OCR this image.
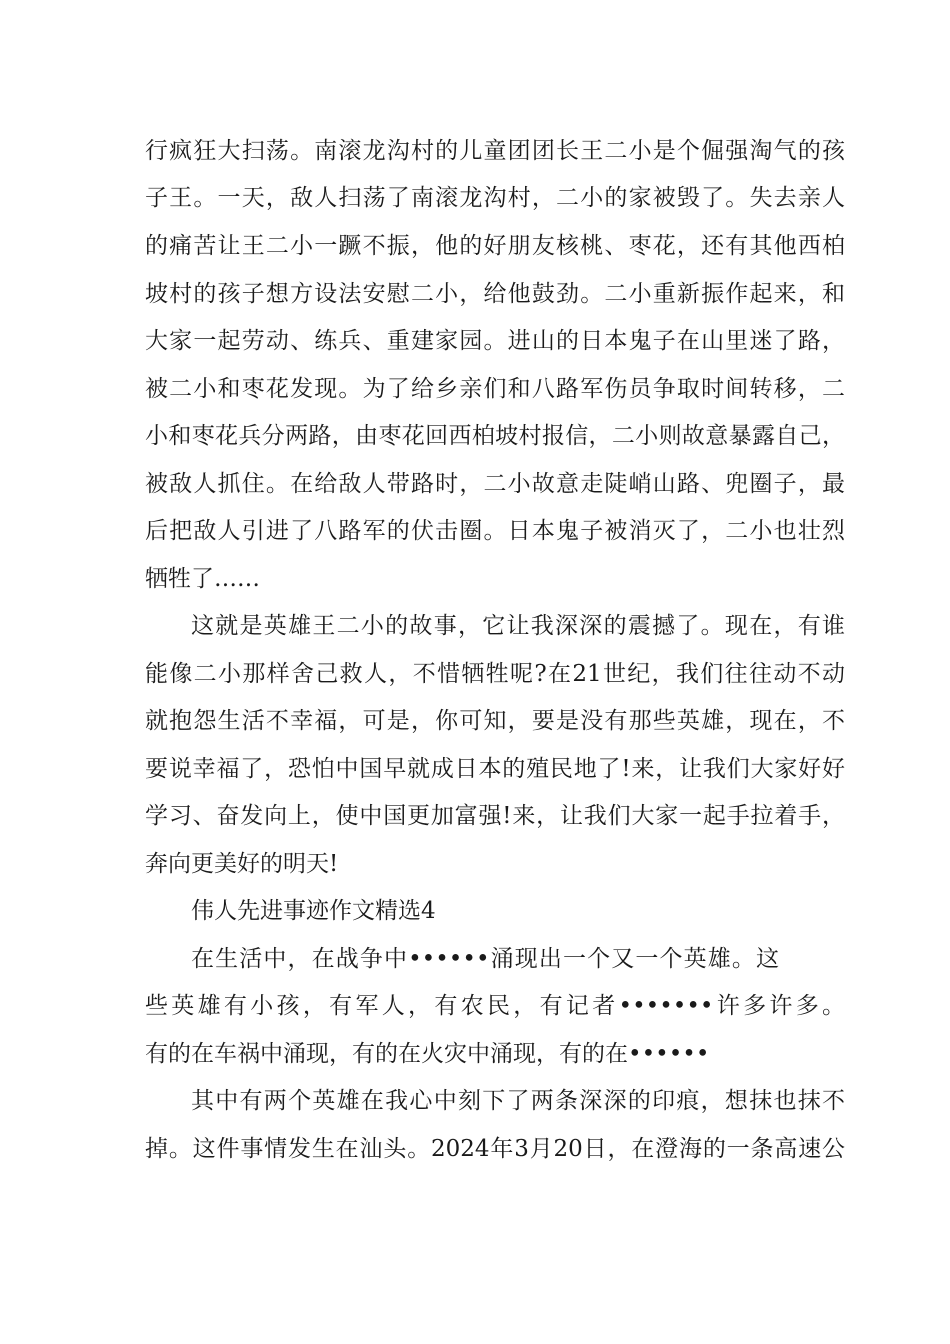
行疯狂大扫荡。南滚龙沟村的儿童团团长王二小是个倔强淘气的孩
子王。一天，敌人扫荡了南滚龙沟村，二小的家被毁了。失去亲人
的痛苦让王二小一蹶不振，他的好朋友核桃、枣花，还有其他西柏
坡村的孩子想方设法安慰二小，给他鼓劲。二小重新振作起来，和
大家一起劳动、练兵、重建家园。进山的日本鬼子在山里迷了路，
被二小和枣花发现。为了给乡亲们和八路军伤员争取时间转移，二
小和枣花兵分两路，由枣花回西柏坡村报信，二小则故意暴露自己，
被敌人抓住。在给敌人带路时，二小故意走陡峭山路、兜圈子，最
后把敌人引进了八路军的伏击圈。日本鬼子被消灭了，二小也壮烈
牺牲了……
这就是英雄王二小的故事，它让我深深的震撼了。现在，有谁
能像二小那样舍己救人，不惜牺牲呢?在21世纪，我们往往动不动
就抱怨生活不幸福，可是，你可知，要是没有那些英雄，现在，不
要说幸福了，恐怕中国早就成日本的殖民地了!来，让我们大家好好
学习、奋发向上，使中国更加富强!来，让我们大家一起手拉着手，
奔向更美好的明天!
伟人先进事迹作文精选4
在生活中，在战争中••••••涌现出一个又一个英雄。这
些英雄有小孩，有军人，有农民，有记者•••••••许多许多。
有的在车祸中涌现，有的在火灾中涌现，有的在••••••
其中有两个英雄在我心中刻下了两条深深的印痕，想抹也抹不
掉。这件事情发生在汕头。2024年3月20日，在澄海的一条高速公
